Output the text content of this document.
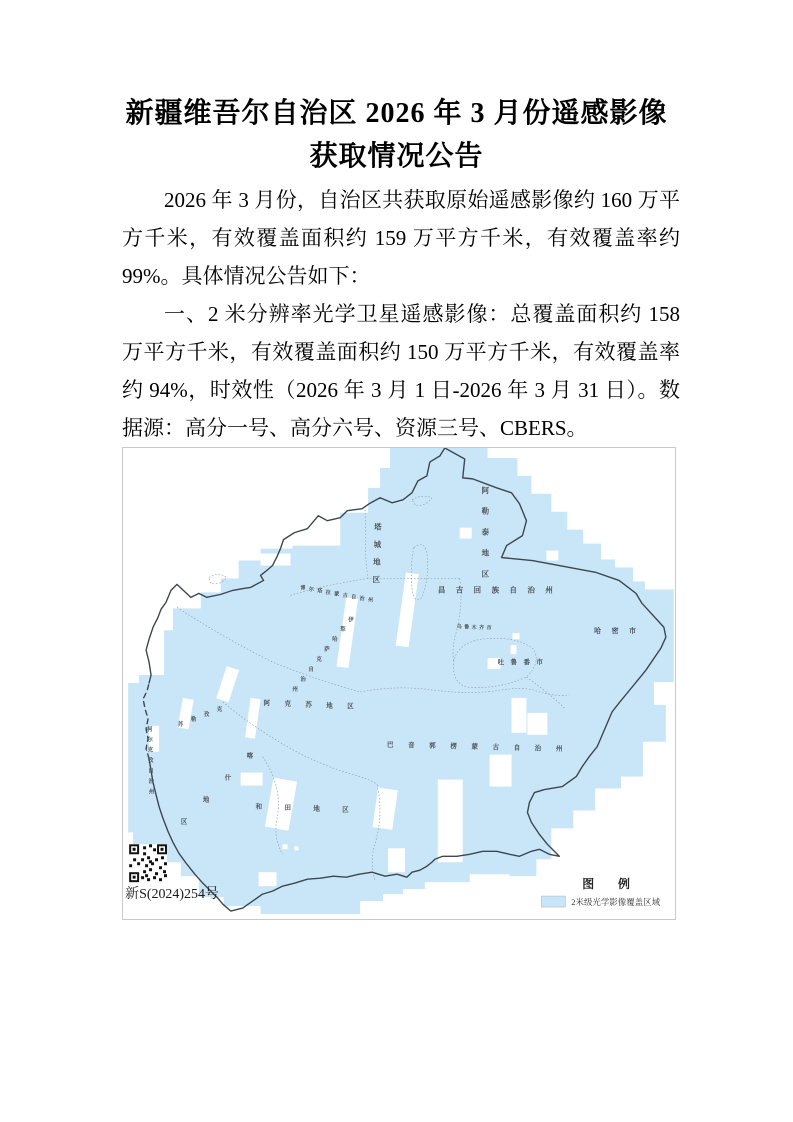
新疆维吾尔自治区 2026 年 3 月份遥感影像
获取情况公告

2026 年 3 月份，自治区共获取原始遥感影像约 160 万平方千米，有效覆盖面积约 159 万平方千米，有效覆盖率约 99%。具体情况公告如下：

一、2 米分辨率光学卫星遥感影像：总覆盖面积约 158 万平方千米，有效覆盖面积约 150 万平方千米，有效覆盖率约 94%，时效性（2026 年 3 月 1 日-2026 年 3 月 31 日）。数据源：高分一号、高分六号、资源三号、CBERS。

阿勒泰地区
塔城地区
昌 吉 回 族 自 治 州
哈 密 市
乌 鲁 木 齐 市
吐 鲁 番 市
博 尔 塔 拉 蒙 古 自 治 州
伊犁哈萨克自治州
阿 克 苏 地 区
克孜勒苏
柯尔克孜自治州
喀什地区
和	田	地	区
巴 音 郭 楞 蒙 古 自 治 州
新S(2024)254号
图　例
2米级光学影像覆盖区域
